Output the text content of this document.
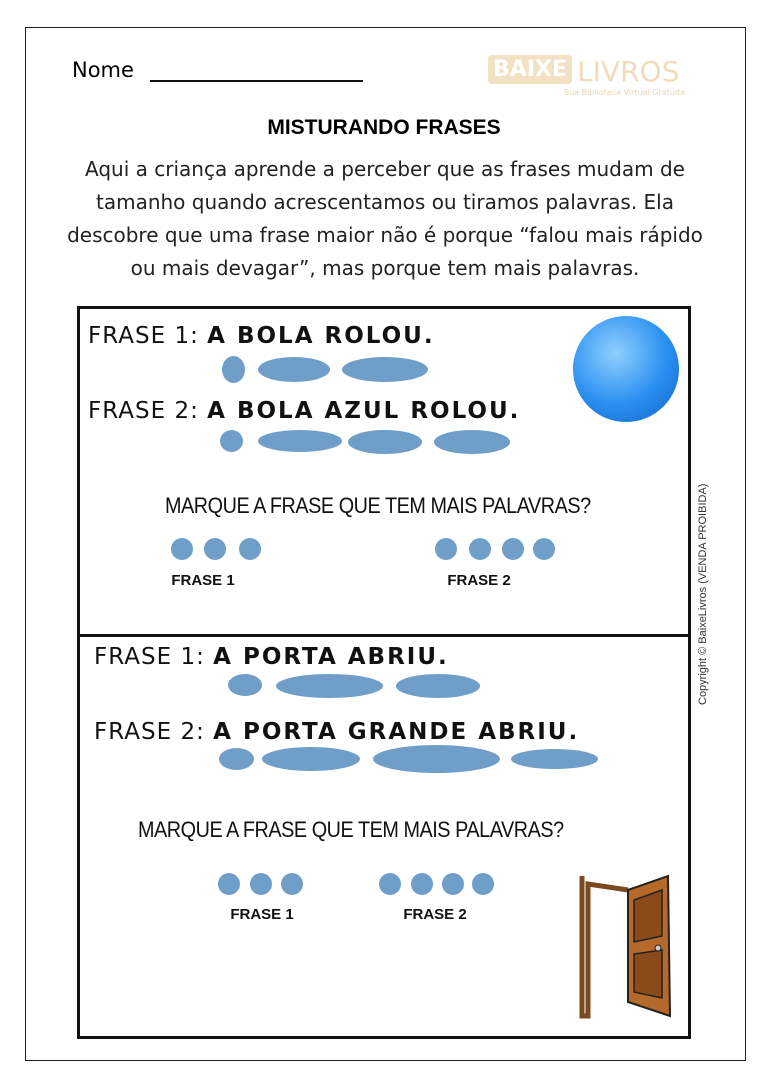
Nome	BAIXE LIVROS
Sua Biblioteca Virtual Gratuita
MISTURANDO FRASES
Aqui a criança aprende a perceber que as frases mudam de tamanho quando acrescentamos ou tiramos palavras. Ela descobre que uma frase maior não é porque “falou mais rápido ou mais devagar”, mas porque tem mais palavras.
Copyright © BaixeLivros (VENDA PROIBIDA)
FRASE 1: A BOLA ROLOU.
FRASE 2: A BOLA AZUL ROLOU.
MARQUE A FRASE QUE TEM MAIS PALAVRAS?
FRASE 1	FRASE 2
FRASE 1: A PORTA ABRIU.
FRASE 2: A PORTA GRANDE ABRIU.
MARQUE A FRASE QUE TEM MAIS PALAVRAS?
FRASE 1	FRASE 2
